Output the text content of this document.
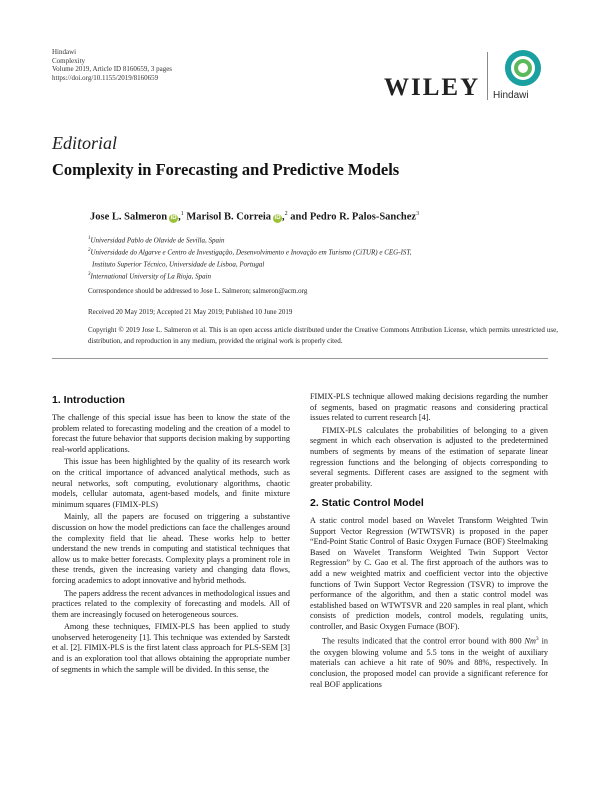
Hindawi
Complexity
Volume 2019, Article ID 8160659, 3 pages
https://doi.org/10.1155/2019/8160659	WILEY Hindawi
Editorial
Complexity in Forecasting and Predictive Models
Jose L. Salmeron iD ,$^1$ Marisol B. Correia iD ,$^2$ and Pedro R. Palos-Sanchez$^3$
$^1$Universidad Pablo de Olavide de Sevilla, Spain
$^2$Universidade do Algarve e Centro de Investigação, Desenvolvimento e Inovação em Turismo (CiTUR) e CEG-IST,
Instituto Superior Técnico, Universidade de Lisboa, Portugal
$^3$International University of La Rioja, Spain
Correspondence should be addressed to Jose L. Salmeron; salmeron@acm.org
Received 20 May 2019; Accepted 21 May 2019; Published 10 June 2019
Copyright © 2019 Jose L. Salmeron et al. This is an open access article distributed under the Creative Commons Attribution License, which permits unrestricted use, distribution, and reproduction in any medium, provided the original work is properly cited.
1. Introduction

The challenge of this special issue has been to know the state of the problem related to forecasting modeling and the creation of a model to forecast the future behavior that supports decision making by supporting real-world applications.

This issue has been highlighted by the quality of its research work on the critical importance of advanced analytical methods, such as neural networks, soft computing, evolutionary algorithms, chaotic models, cellular automata, agent-based models, and finite mixture minimum squares (FIMIX-PLS)

Mainly, all the papers are focused on triggering a substantive discussion on how the model predictions can face the challenges around the complexity field that lie ahead. These works help to better understand the new trends in computing and statistical techniques that allow us to make better forecasts. Complexity plays a prominent role in these trends, given the increasing variety and changing data flows, forcing academics to adopt innovative and hybrid methods.

The papers address the recent advances in methodological issues and practices related to the complexity of forecasting and models. All of them are increasingly focused on heterogeneous sources.

Among these techniques, FIMIX-PLS has been applied to study unobserved heterogeneity [1]. This technique was extended by Sarstedt et al. [2]. FIMIX-PLS is the first latent class approach for PLS-SEM [3] and is an exploration tool that allows obtaining the appropriate number of segments in which the sample will be divided. In this sense, the

FIMIX-PLS technique allowed making decisions regarding the number of segments, based on pragmatic reasons and considering practical issues related to current research [4].

FIMIX-PLS calculates the probabilities of belonging to a given segment in which each observation is adjusted to the predetermined numbers of segments by means of the estimation of separate linear regression functions and the belonging of objects corresponding to several segments. Different cases are assigned to the segment with greater probability.

2. Static Control Model

A static control model based on Wavelet Transform Weighted Twin Support Vector Regression (WTWTSVR) is proposed in the paper “End-Point Static Control of Basic Oxygen Furnace (BOF) Steelmaking Based on Wavelet Transform Weighted Twin Support Vector Regression” by C. Gao et al. The first approach of the authors was to add a new weighted matrix and coefficient vector into the objective functions of Twin Support Vector Regression (TSVR) to improve the performance of the algorithm, and then a static control model was established based on WTWTSVR and 220 samples in real plant, which consists of prediction models, control models, regulating units, controller, and Basic Oxygen Furnace (BOF).

The results indicated that the control error bound with 800 Nm$^3$ in the oxygen blowing volume and 5.5 tons in the weight of auxiliary materials can achieve a hit rate of 90% and 88%, respectively. In conclusion, the proposed model can provide a significant reference for real BOF applications
